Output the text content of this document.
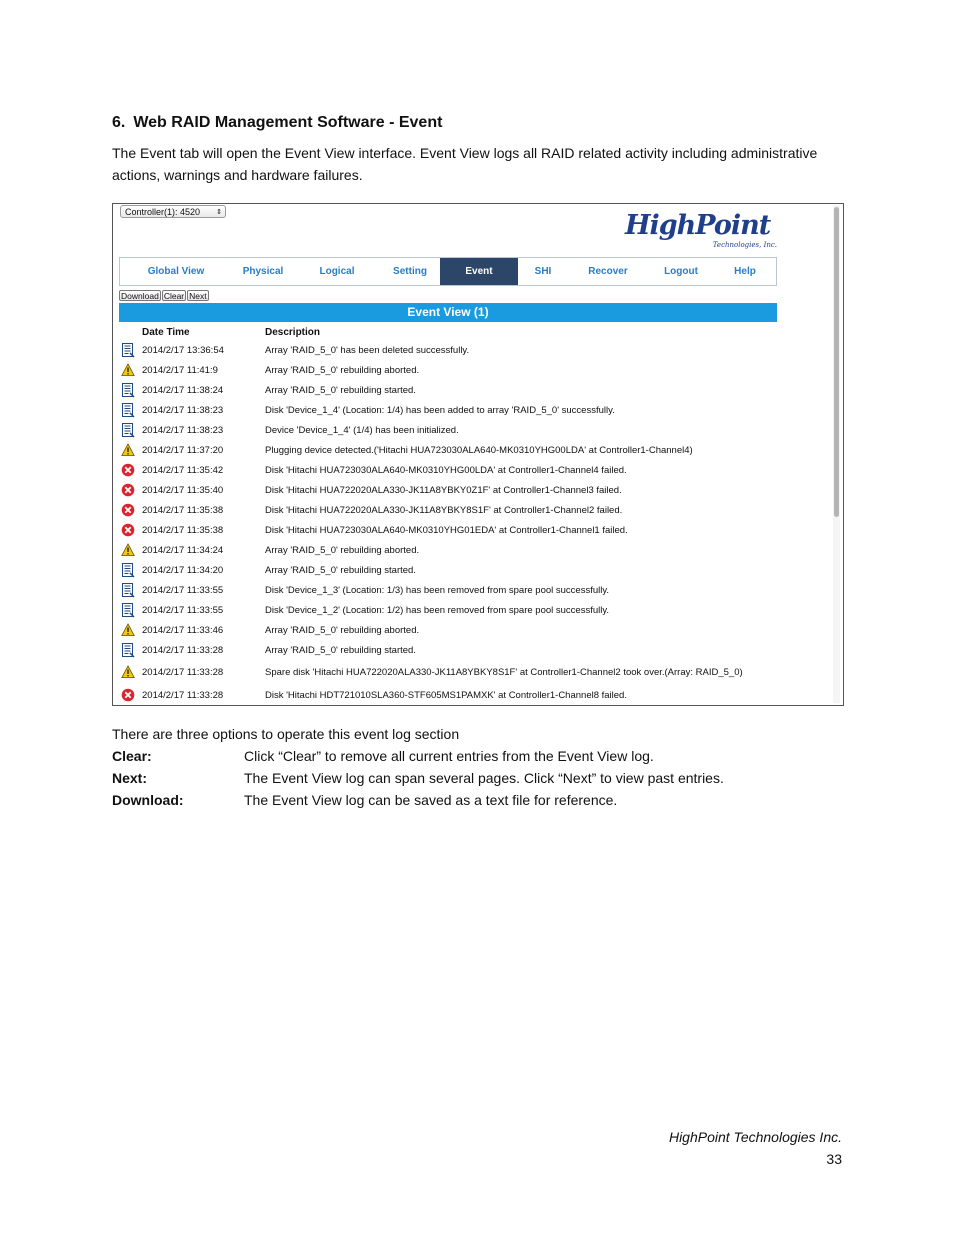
6. Web RAID Management Software - Event

The Event tab will open the Event View interface. Event View logs all RAID related activity including administrative actions, warnings and hardware failures.

Controller(1): 4520 ⇕	HighPoint
Technologies, Inc.
Global View	Physical	Logical	Setting	Event	SHI	Recover	Logout	Help
Download Clear Next
Event View (1)
Date Time	Description
2014/2/17 13:36:54	Array 'RAID_5_0' has been deleted successfully.
2014/2/17 11:41:9	Array 'RAID_5_0' rebuilding aborted.
2014/2/17 11:38:24	Array 'RAID_5_0' rebuilding started.
2014/2/17 11:38:23	Disk 'Device_1_4' (Location: 1/4) has been added to array 'RAID_5_0' successfully.
2014/2/17 11:38:23	Device 'Device_1_4' (1/4) has been initialized.
2014/2/17 11:37:20	Plugging device detected.('Hitachi HUA723030ALA640-MK0310YHG00LDA' at Controller1-Channel4)
2014/2/17 11:35:42	Disk 'Hitachi HUA723030ALA640-MK0310YHG00LDA' at Controller1-Channel4 failed.
2014/2/17 11:35:40	Disk 'Hitachi HUA722020ALA330-JK11A8YBKY0Z1F' at Controller1-Channel3 failed.
2014/2/17 11:35:38	Disk 'Hitachi HUA722020ALA330-JK11A8YBKY8S1F' at Controller1-Channel2 failed.
2014/2/17 11:35:38	Disk 'Hitachi HUA723030ALA640-MK0310YHG01EDA' at Controller1-Channel1 failed.
2014/2/17 11:34:24	Array 'RAID_5_0' rebuilding aborted.
2014/2/17 11:34:20	Array 'RAID_5_0' rebuilding started.
2014/2/17 11:33:55	Disk 'Device_1_3' (Location: 1/3) has been removed from spare pool successfully.
2014/2/17 11:33:55	Disk 'Device_1_2' (Location: 1/2) has been removed from spare pool successfully.
2014/2/17 11:33:46	Array 'RAID_5_0' rebuilding aborted.
2014/2/17 11:33:28	Array 'RAID_5_0' rebuilding started.
2014/2/17 11:33:28	Spare disk 'Hitachi HUA722020ALA330-JK11A8YBKY8S1F' at Controller1-Channel2 took over.(Array: RAID_5_0)
2014/2/17 11:33:28	Disk 'Hitachi HDT721010SLA360-STF605MS1PAMXK' at Controller1-Channel8 failed.

There are three options to operate this event log section

Clear:	Click “Clear” to remove all current entries from the Event View log.
Next:	The Event View log can span several pages. Click “Next” to view past entries.
Download:	The Event View log can be saved as a text file for reference.
HighPoint Technologies Inc.
33
